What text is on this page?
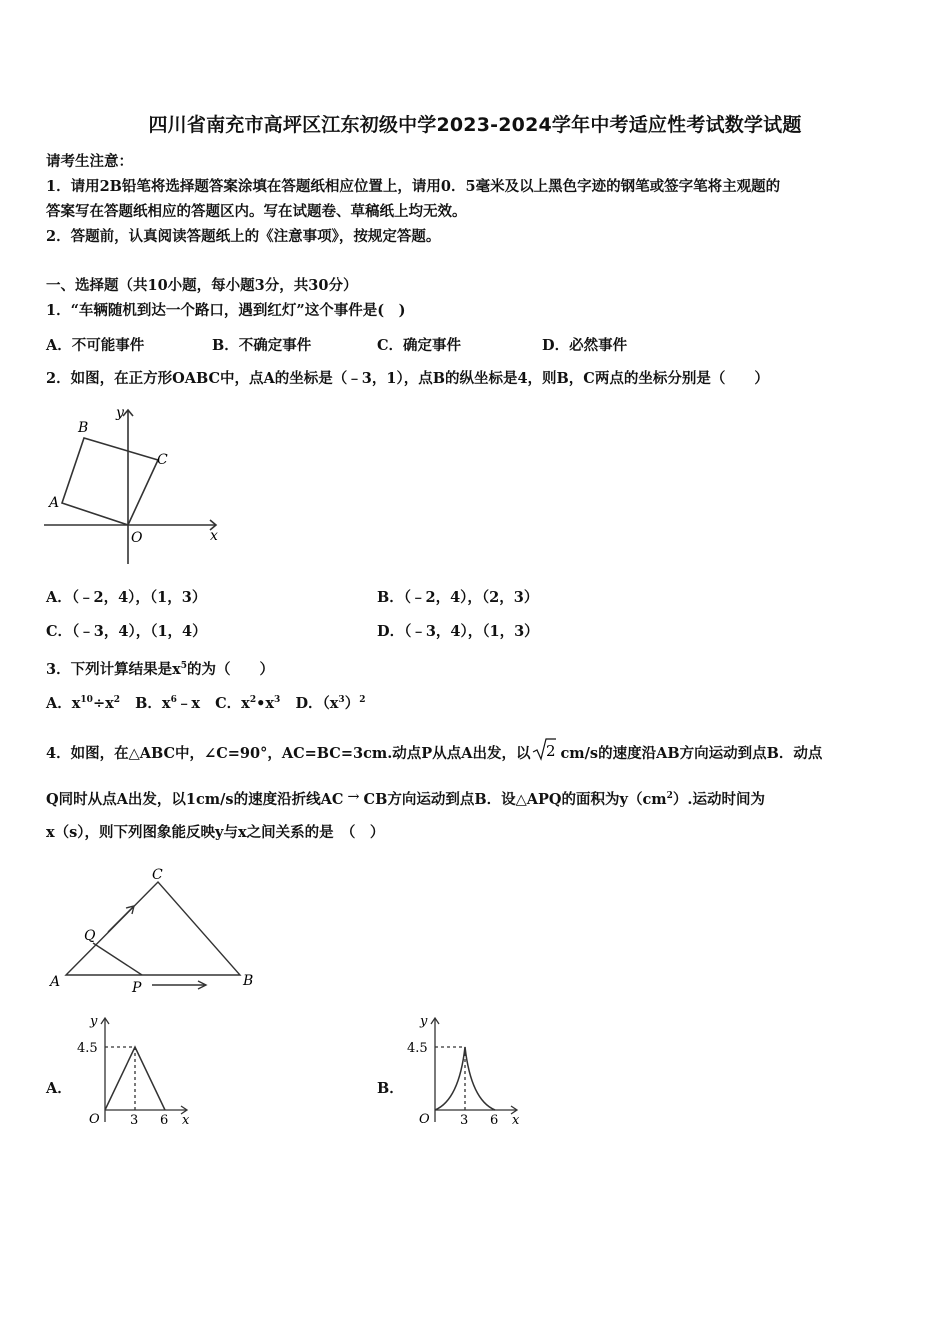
四川省南充市高坪区江东初级中学2023-2024学年中考适应性考试数学试题
请考生注意：
1．请用2B铅笔将选择题答案涂填在答题纸相应位置上，请用0．5毫米及以上黑色字迹的钢笔或签字笔将主观题的
答案写在答题纸相应的答题区内。写在试题卷、草稿纸上均无效。
2．答题前，认真阅读答题纸上的《注意事项》，按规定答题。
一、选择题（共10小题，每小题3分，共30分）
1．“车辆随机到达一个路口，遇到红灯”这个事件是(　)
A．不可能事件	B．不确定事件	C．确定事件	D．必然事件
2．如图，在正方形OABC中，点A的坐标是（﹣3，1），点B的纵坐标是4，则B，C两点的坐标分别是（　　）
B
C
A
O	x
y
A．（﹣2，4），（1，3）	B．（﹣2，4），（2，3）
C．（﹣3，4），（1，4）	D．（﹣3，4），（1，3）
3．下列计算结果是$x^5$的为（　　）
A．$x^{10}\div x^2$ B．$x^6﹣x$ C．$x^2•x^3$ D．$(x^3)^2$
4．如图，在△ABC中，∠C=90°，AC=BC=3cm.动点P从点A出发，以 2 cm/s的速度沿AB方向运动到点B．动点
Q同时从点A出发，以1cm/s的速度沿折线AC → CB方向运动到点B．设△APQ的面积为$y(cm^2)$.运动时间为
x（s），则下列图象能反映y与x之间关系的是　（　）
C
Q
A	P	B
A．
y
4.5
O 3 6 x
B．
y
4.5
O 3 6 x
